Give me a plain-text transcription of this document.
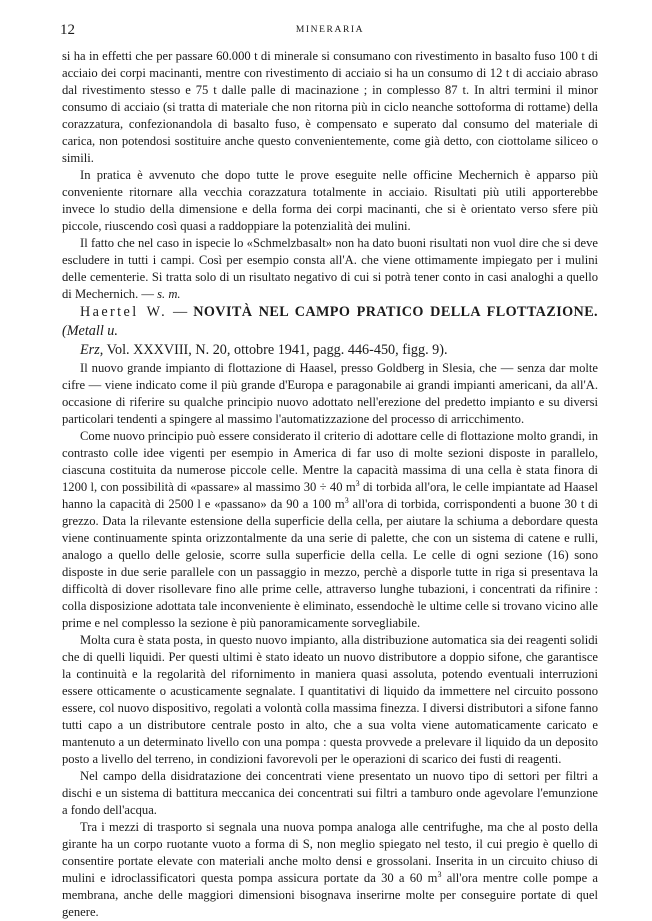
12	MINERARIA

si ha in effetti che per passare 60.000 t di minerale si consumano con rivestimento in basalto fuso 100 t di acciaio dei corpi macinanti, mentre con rivestimento di acciaio si ha un consumo di 12 t di acciaio abraso dal rivestimento stesso e 75 t dalle palle di macinazione ; in complesso 87 t. In altri termini il minor consumo di acciaio (si tratta di materiale che non ritorna più in ciclo neanche sottoforma di rottame) della corazzatura, confezionandola di basalto fuso, è compensato e superato dal consumo del materiale di carica, non potendosi sostituire anche questo convenientemente, come già detto, con ciottolame siliceo o simili.

In pratica è avvenuto che dopo tutte le prove eseguite nelle officine Mechernich è apparso più conveniente ritornare alla vecchia corazzatura totalmente in acciaio. Risultati più utili apporterebbe invece lo studio della dimensione e della forma dei corpi macinanti, che si è orientato verso sfere più piccole, riuscendo così quasi a raddoppiare la potenzialità dei mulini.

Il fatto che nel caso in ispecie lo «Schmelzbasalt» non ha dato buoni risultati non vuol dire che si deve escludere in tutti i campi. Così per esempio consta all'A. che viene ottimamente impiegato per i mulini delle cementerie. Si tratta solo di un risultato negativo di cui si potrà tener conto in casi analoghi a quello di Mechernich. — s. m.

Haertel W. — NOVITÀ NEL CAMPO PRATICO DELLA FLOTTAZIONE. (Metall u.
Erz, Vol. XXXVIII, N. 20, ottobre 1941, pagg. 446-450, figg. 9).

Il nuovo grande impianto di flottazione di Haasel, presso Goldberg in Slesia, che — senza dar molte cifre — viene indicato come il più grande d'Europa e paragonabile ai grandi impianti americani, da all'A. occasione di riferire su qualche principio nuovo adottato nell'erezione del predetto impianto e su diversi particolari tendenti a spingere al massimo l'automatizzazione del processo di arricchimento.

Come nuovo principio può essere considerato il criterio di adottare celle di flottazione molto grandi, in contrasto colle idee vigenti per esempio in America di far uso di molte sezioni disposte in parallelo, ciascuna costituita da numerose piccole celle. Mentre la capacità massima di una cella è stata finora di 1200 l, con possibilità di «passare» al massimo 30 ÷ 40 $m^3$ di torbida all'ora, le celle impiantate ad Haasel hanno la capacità di 2500 l e «passano» da 90 a 100 $m^3$ all'ora di torbida, corrispondenti a buone 30 t di grezzo. Data la rilevante estensione della superficie della cella, per aiutare la schiuma a debordare questa viene continuamente spinta orizzontalmente da una serie di palette, che con un sistema di catene e rulli, analogo a quello delle gelosie, scorre sulla superficie della cella. Le celle di ogni sezione (16) sono disposte in due serie parallele con un passaggio in mezzo, perchè a disporle tutte in riga si presentava la difficoltà di dover risollevare fino alle prime celle, attraverso lunghe tubazioni, i concentrati da rifinire : colla disposizione adottata tale inconveniente è eliminato, essendochè le ultime celle si trovano vicino alle prime e nel complesso la sezione è più panoramicamente sorvegliabile.

Molta cura è stata posta, in questo nuovo impianto, alla distribuzione automatica sia dei reagenti solidi che di quelli liquidi. Per questi ultimi è stato ideato un nuovo distributore a doppio sifone, che garantisce la continuità e la regolarità del rifornimento in maniera quasi assoluta, potendo eventuali interruzioni essere otticamente o acusticamente segnalate. I quantitativi di liquido da immettere nel circuito possono essere, col nuovo dispositivo, regolati a volontà colla massima finezza. I diversi distributori a sifone fanno tutti capo a un distributore centrale posto in alto, che a sua volta viene automaticamente caricato e mantenuto a un determinato livello con una pompa : questa provvede a prelevare il liquido da un deposito posto a livello del terreno, in condizioni favorevoli per le operazioni di scarico dei fusti di reagenti.

Nel campo della disidratazione dei concentrati viene presentato un nuovo tipo di settori per filtri a dischi e un sistema di battitura meccanica dei concentrati sui filtri a tamburo onde agevolare l'emunzione a fondo dell'acqua.

Tra i mezzi di trasporto si segnala una nuova pompa analoga alle centrifughe, ma che al posto della girante ha un corpo ruotante vuoto a forma di S, non meglio spiegato nel testo, il cui pregio è quello di consentire portate elevate con materiali anche molto densi e grossolani. Inserita in un circuito chiuso di mulini e idroclassificatori questa pompa assicura portate da 30 a 60 $m^3$ all'ora mentre colle pompe a membrana, anche delle maggiori dimensioni bisognava inserirne molte per conseguire portate di quel genere.
